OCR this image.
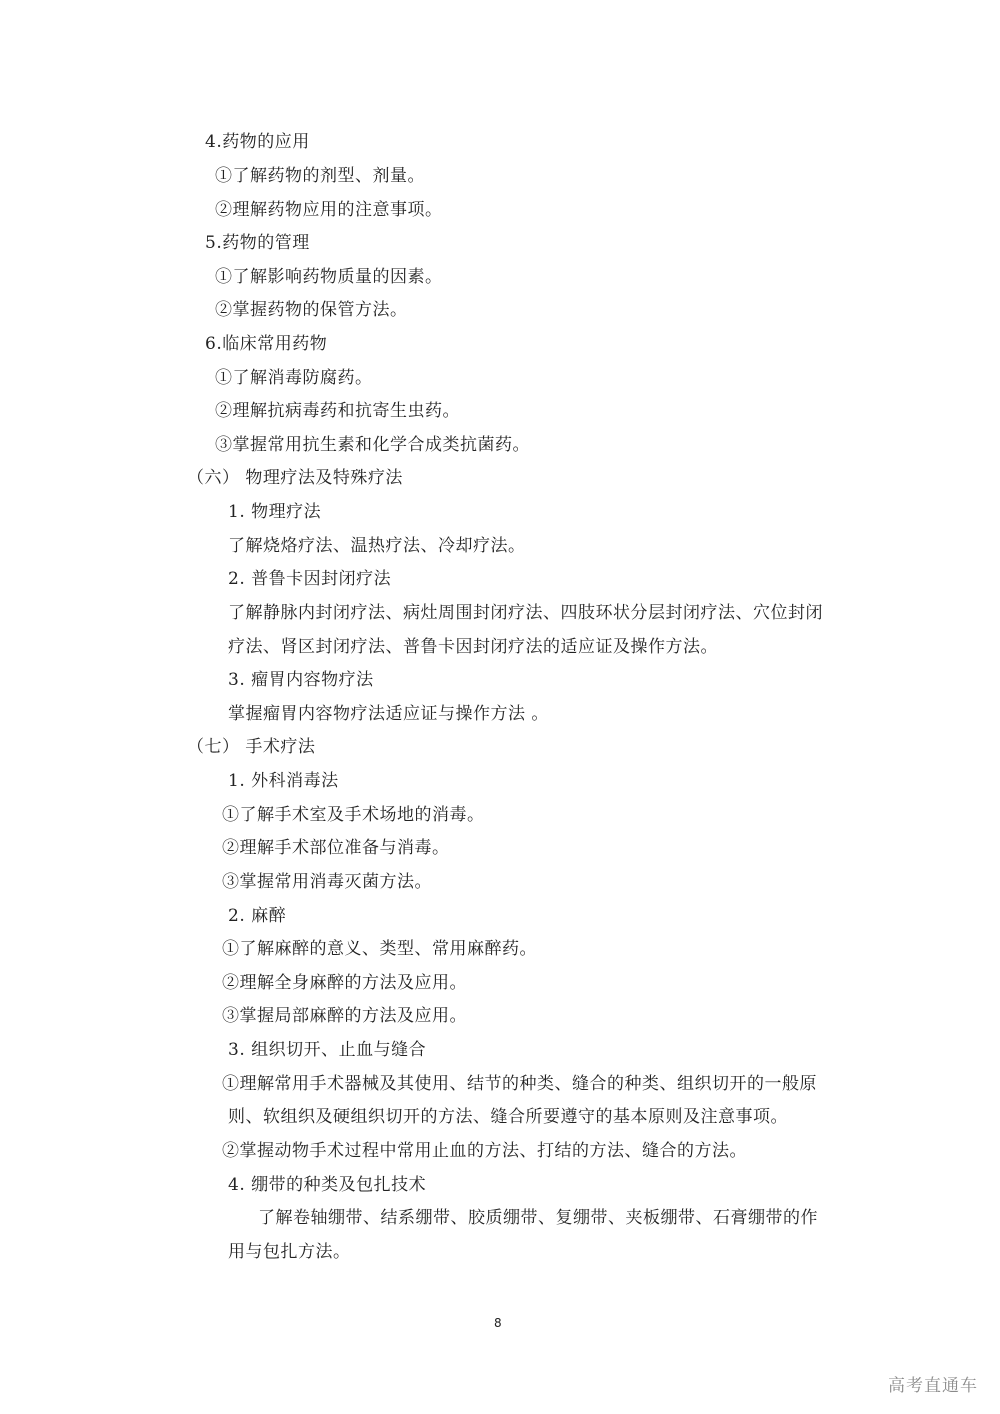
4.药物的应用
①了解药物的剂型、剂量。
②理解药物应用的注意事项。
5.药物的管理
①了解影响药物质量的因素。
②掌握药物的保管方法。
6.临床常用药物
①了解消毒防腐药。
②理解抗病毒药和抗寄生虫药。
③掌握常用抗生素和化学合成类抗菌药。
（六） 物理疗法及特殊疗法
1. 物理疗法
了解烧烙疗法、温热疗法、冷却疗法。
2. 普鲁卡因封闭疗法
了解静脉内封闭疗法、病灶周围封闭疗法、四肢环状分层封闭疗法、穴位封闭
疗法、肾区封闭疗法、普鲁卡因封闭疗法的适应证及操作方法。
3. 瘤胃内容物疗法
掌握瘤胃内容物疗法适应证与操作方法 。
（七） 手术疗法
1. 外科消毒法
①了解手术室及手术场地的消毒。
②理解手术部位准备与消毒。
③掌握常用消毒灭菌方法。
2. 麻醉
①了解麻醉的意义、类型、常用麻醉药。
②理解全身麻醉的方法及应用。
③掌握局部麻醉的方法及应用。
3. 组织切开、止血与缝合
①理解常用手术器械及其使用、结节的种类、缝合的种类、组织切开的一般原
则、软组织及硬组织切开的方法、缝合所要遵守的基本原则及注意事项。
②掌握动物手术过程中常用止血的方法、打结的方法、缝合的方法。
4. 绷带的种类及包扎技术
了解卷轴绷带、结系绷带、胶质绷带、复绷带、夹板绷带、石膏绷带的作
用与包扎方法。
8
高考直通车
